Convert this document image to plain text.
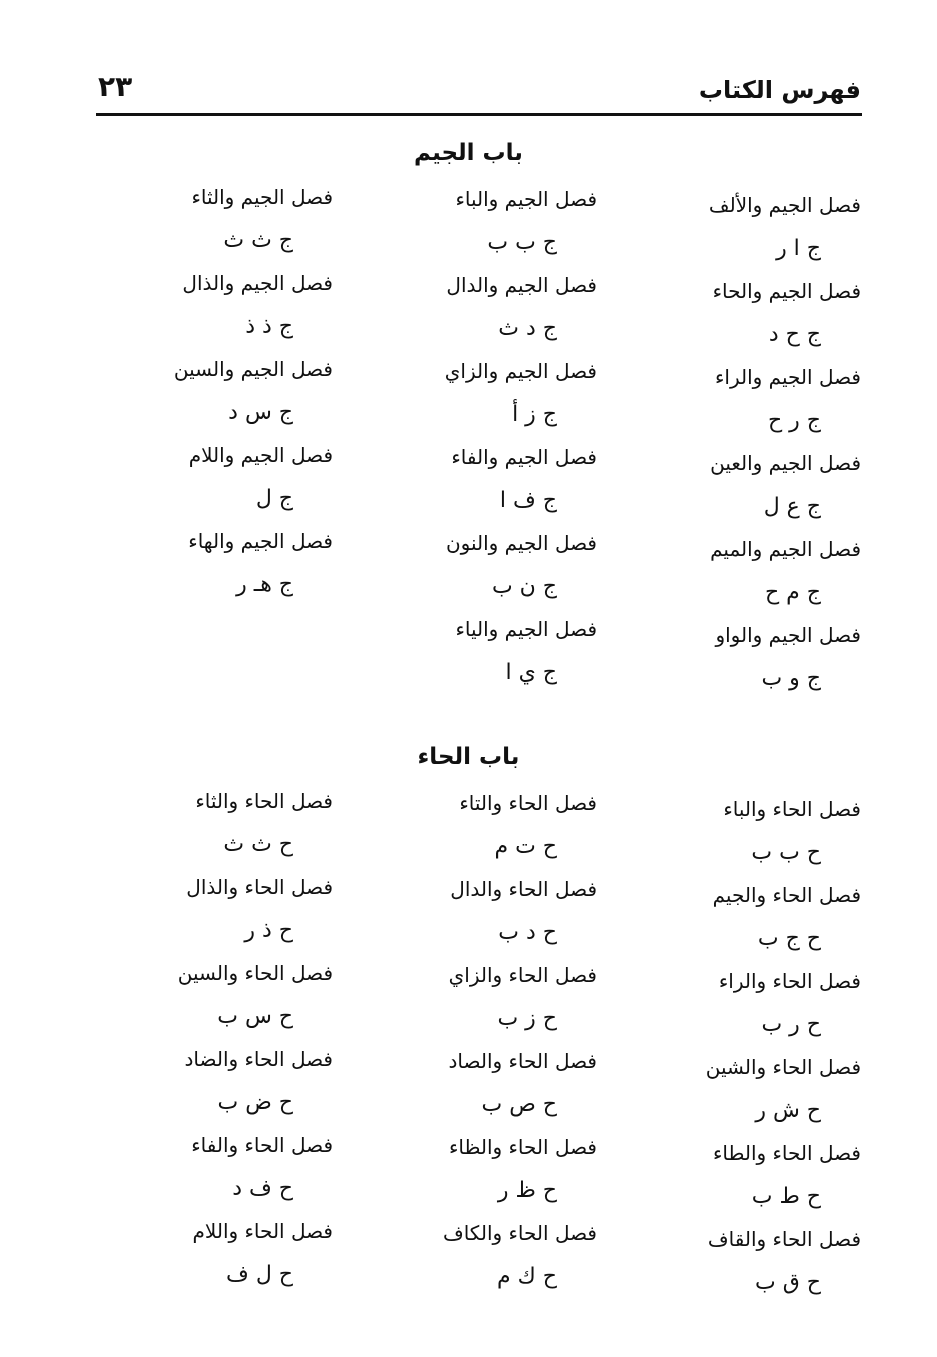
٢٣	فهرس الكتاب
باب الجيم
باب الحاء
فصل الجيم والألف
ج ا ر
فصل الجيم والحاء
ج ح د
فصل الجيم والراء
ج ر ح
فصل الجيم والعين
ج ع ل
فصل الجيم والميم
ج م ح
فصل الجيم والواو
ج و ب
فصل الجيم والباء
ج ب ب
فصل الجيم والدال
ج د ث
فصل الجيم والزاي
ج ز أ
فصل الجيم والفاء
ج ف ا
فصل الجيم والنون
ج ن ب
فصل الجيم والياء
ج ي ا
فصل الجيم والثاء
ج ث ث
فصل الجيم والذال
ج ذ ذ
فصل الجيم والسين
ج س د
فصل الجيم واللام
ج ل
فصل الجيم والهاء
ج هـ ر
فصل الحاء والباء
ح ب ب
فصل الحاء والجيم
ح ج ب
فصل الحاء والراء
ح ر ب
فصل الحاء والشين
ح ش ر
فصل الحاء والطاء
ح ط ب
فصل الحاء والقاف
ح ق ب
فصل الحاء والتاء
ح ت م
فصل الحاء والدال
ح د ب
فصل الحاء والزاي
ح ز ب
فصل الحاء والصاد
ح ص ب
فصل الحاء والظاء
ح ظ ر
فصل الحاء والكاف
ح ك م
فصل الحاء والثاء
ح ث ث
فصل الحاء والذال
ح ذ ر
فصل الحاء والسين
ح س ب
فصل الحاء والضاد
ح ض ب
فصل الحاء والفاء
ح ف د
فصل الحاء واللام
ح ل ف
